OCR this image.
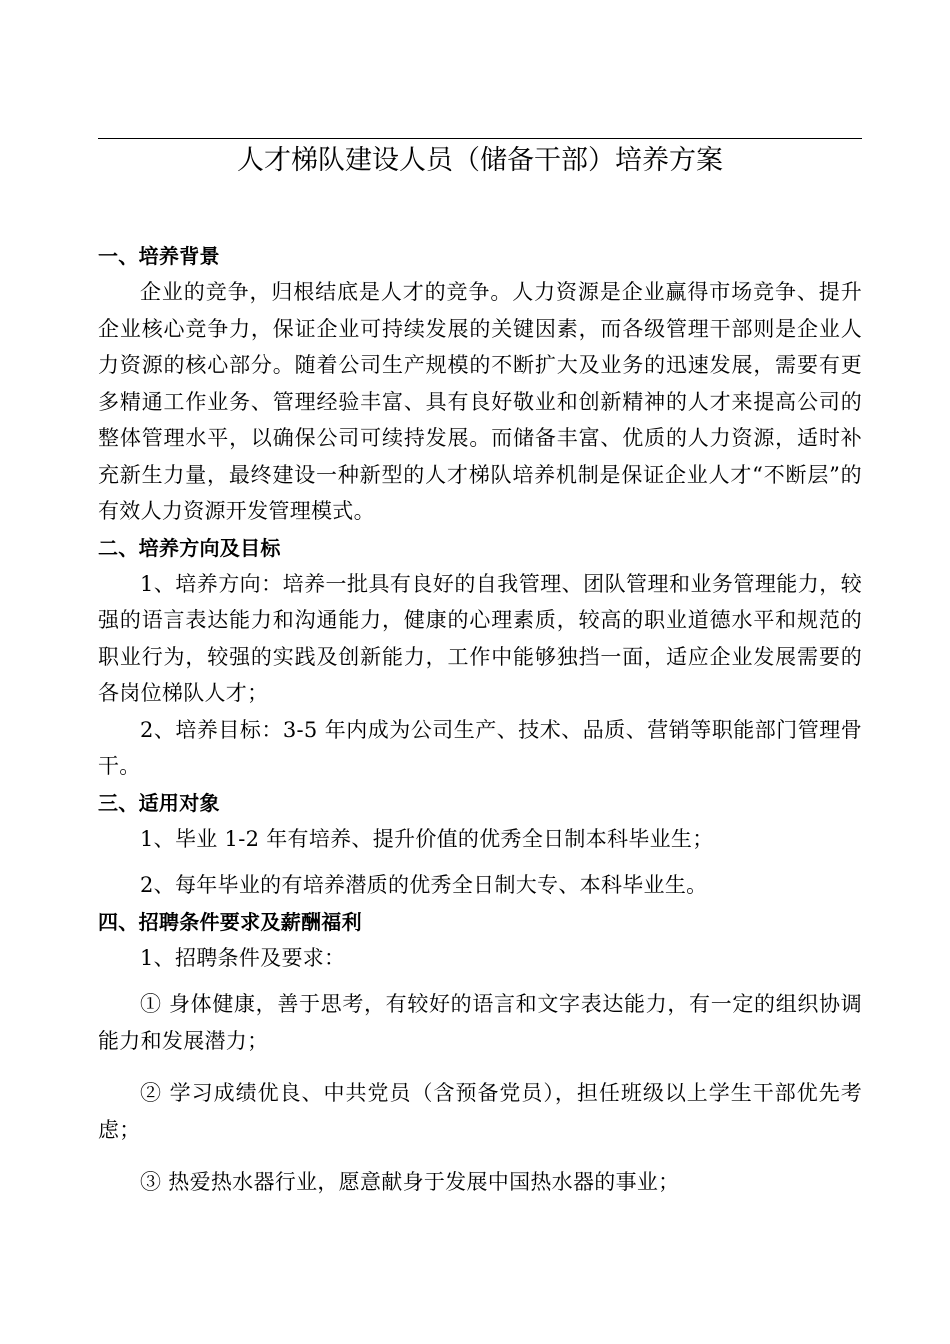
人才梯队建设人员（储备干部）培养方案
一、培养背景

企业的竞争，归根结底是人才的竞争。人力资源是企业赢得市场竞争、提升企业核心竞争力，保证企业可持续发展的关键因素，而各级管理干部则是企业人力资源的核心部分。随着公司生产规模的不断扩大及业务的迅速发展，需要有更多精通工作业务、管理经验丰富、具有良好敬业和创新精神的人才来提高公司的整体管理水平，以确保公司可续持发展。而储备丰富、优质的人力资源，适时补充新生力量，最终建设一种新型的人才梯队培养机制是保证企业人才“不断层”的有效人力资源开发管理模式。

二、培养方向及目标

1、培养方向：培养一批具有良好的自我管理、团队管理和业务管理能力，较强的语言表达能力和沟通能力，健康的心理素质，较高的职业道德水平和规范的职业行为，较强的实践及创新能力，工作中能够独挡一面，适应企业发展需要的各岗位梯队人才；

2、培养目标：3-5 年内成为公司生产、技术、品质、营销等职能部门管理骨干。

三、适用对象

1、毕业 1-2 年有培养、提升价值的优秀全日制本科毕业生；

2、每年毕业的有培养潜质的优秀全日制大专、本科毕业生。

四、招聘条件要求及薪酬福利

1、招聘条件及要求：

① 身体健康，善于思考，有较好的语言和文字表达能力，有一定的组织协调能力和发展潜力；

② 学习成绩优良、中共党员（含预备党员），担任班级以上学生干部优先考虑；

③ 热爱热水器行业，愿意献身于发展中国热水器的事业；
